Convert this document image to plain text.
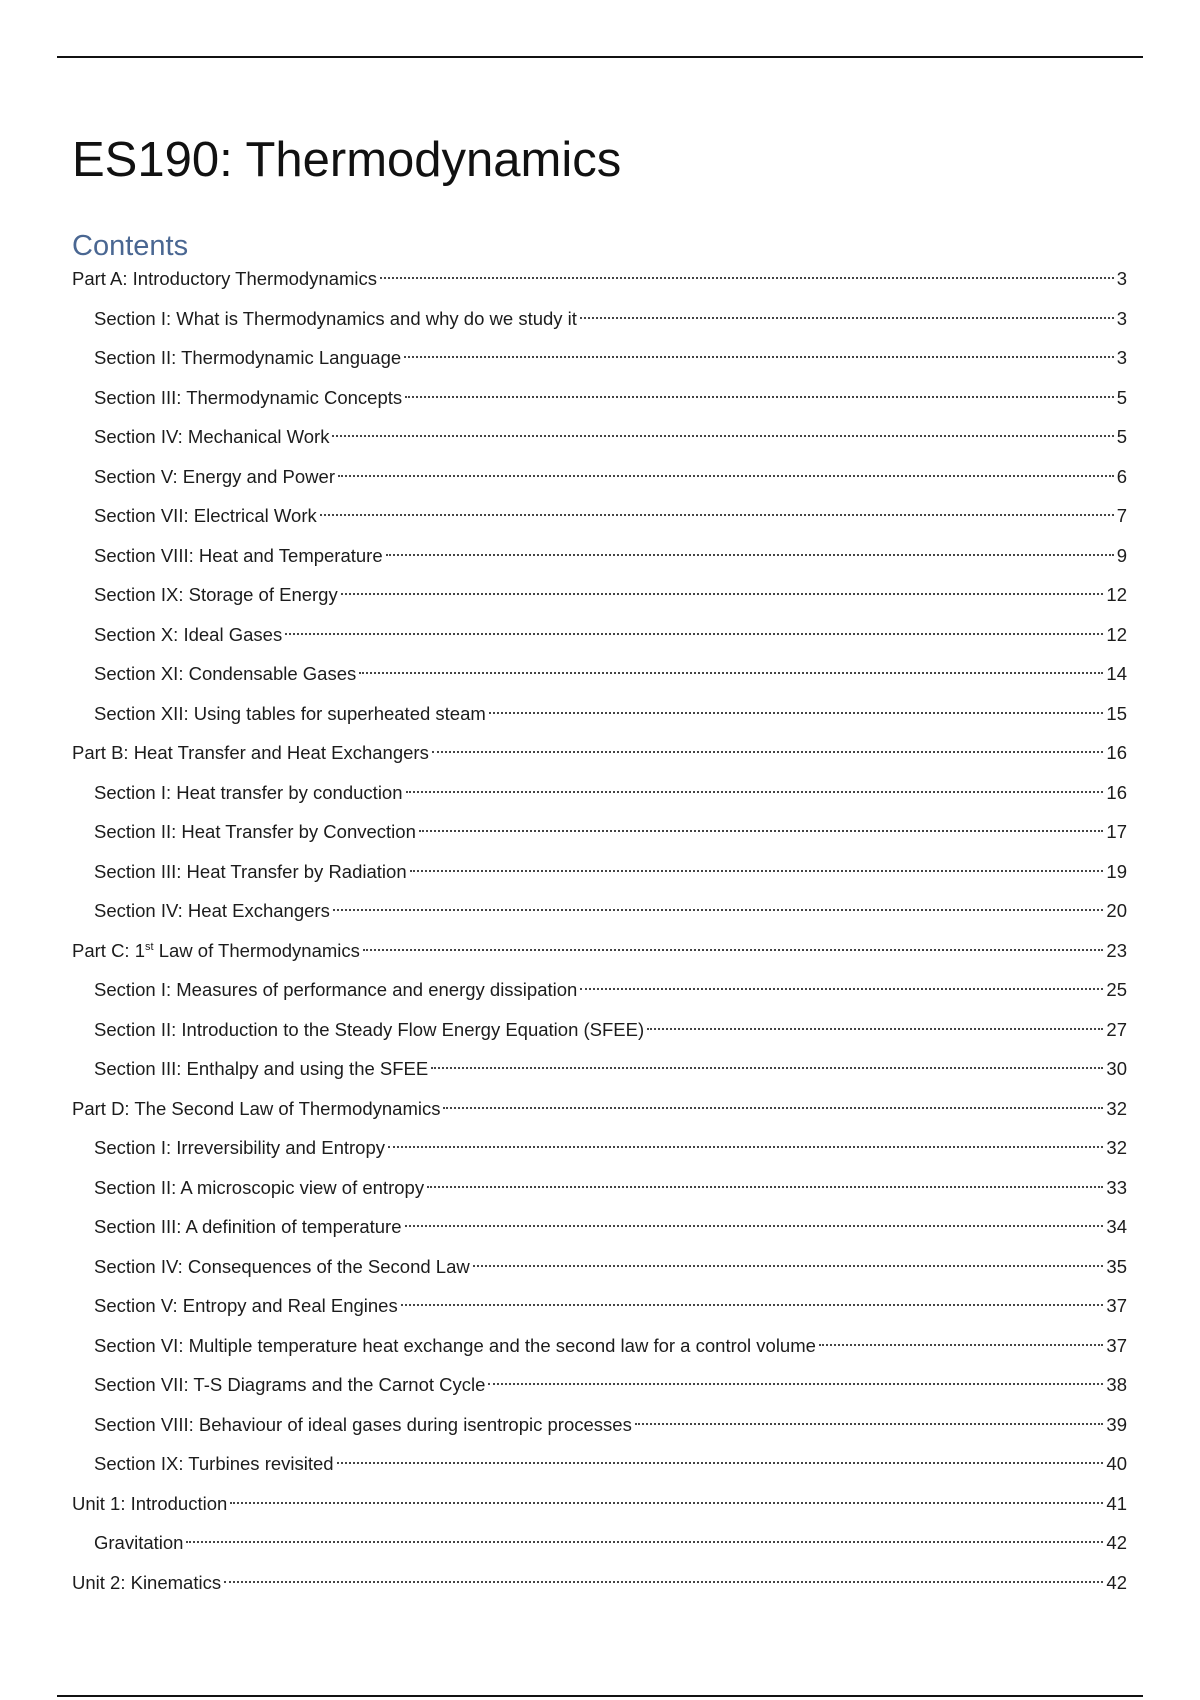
ES190: Thermodynamics
Contents
Part A: Introductory Thermodynamics	3
Section I: What is Thermodynamics and why do we study it	3
Section II: Thermodynamic Language	3
Section III: Thermodynamic Concepts	5
Section IV: Mechanical Work	5
Section V: Energy and Power	6
Section VII: Electrical Work	7
Section VIII: Heat and Temperature	9
Section IX: Storage of Energy	12
Section X: Ideal Gases	12
Section XI: Condensable Gases	14
Section XII: Using tables for superheated steam	15
Part B: Heat Transfer and Heat Exchangers	16
Section I: Heat transfer by conduction	16
Section II: Heat Transfer by Convection	17
Section III: Heat Transfer by Radiation	19
Section IV: Heat Exchangers	20
Part C: 1st Law of Thermodynamics	23
Section I: Measures of performance and energy dissipation	25
Section II: Introduction to the Steady Flow Energy Equation (SFEE)	27
Section III: Enthalpy and using the SFEE	30
Part D: The Second Law of Thermodynamics	32
Section I: Irreversibility and Entropy	32
Section II: A microscopic view of entropy	33
Section III: A definition of temperature	34
Section IV: Consequences of the Second Law	35
Section V: Entropy and Real Engines	37
Section VI: Multiple temperature heat exchange and the second law for a control volume	37
Section VII: T-S Diagrams and the Carnot Cycle	38
Section VIII: Behaviour of ideal gases during isentropic processes	39
Section IX: Turbines revisited	40
Unit 1: Introduction	41
Gravitation	42
Unit 2: Kinematics	42
